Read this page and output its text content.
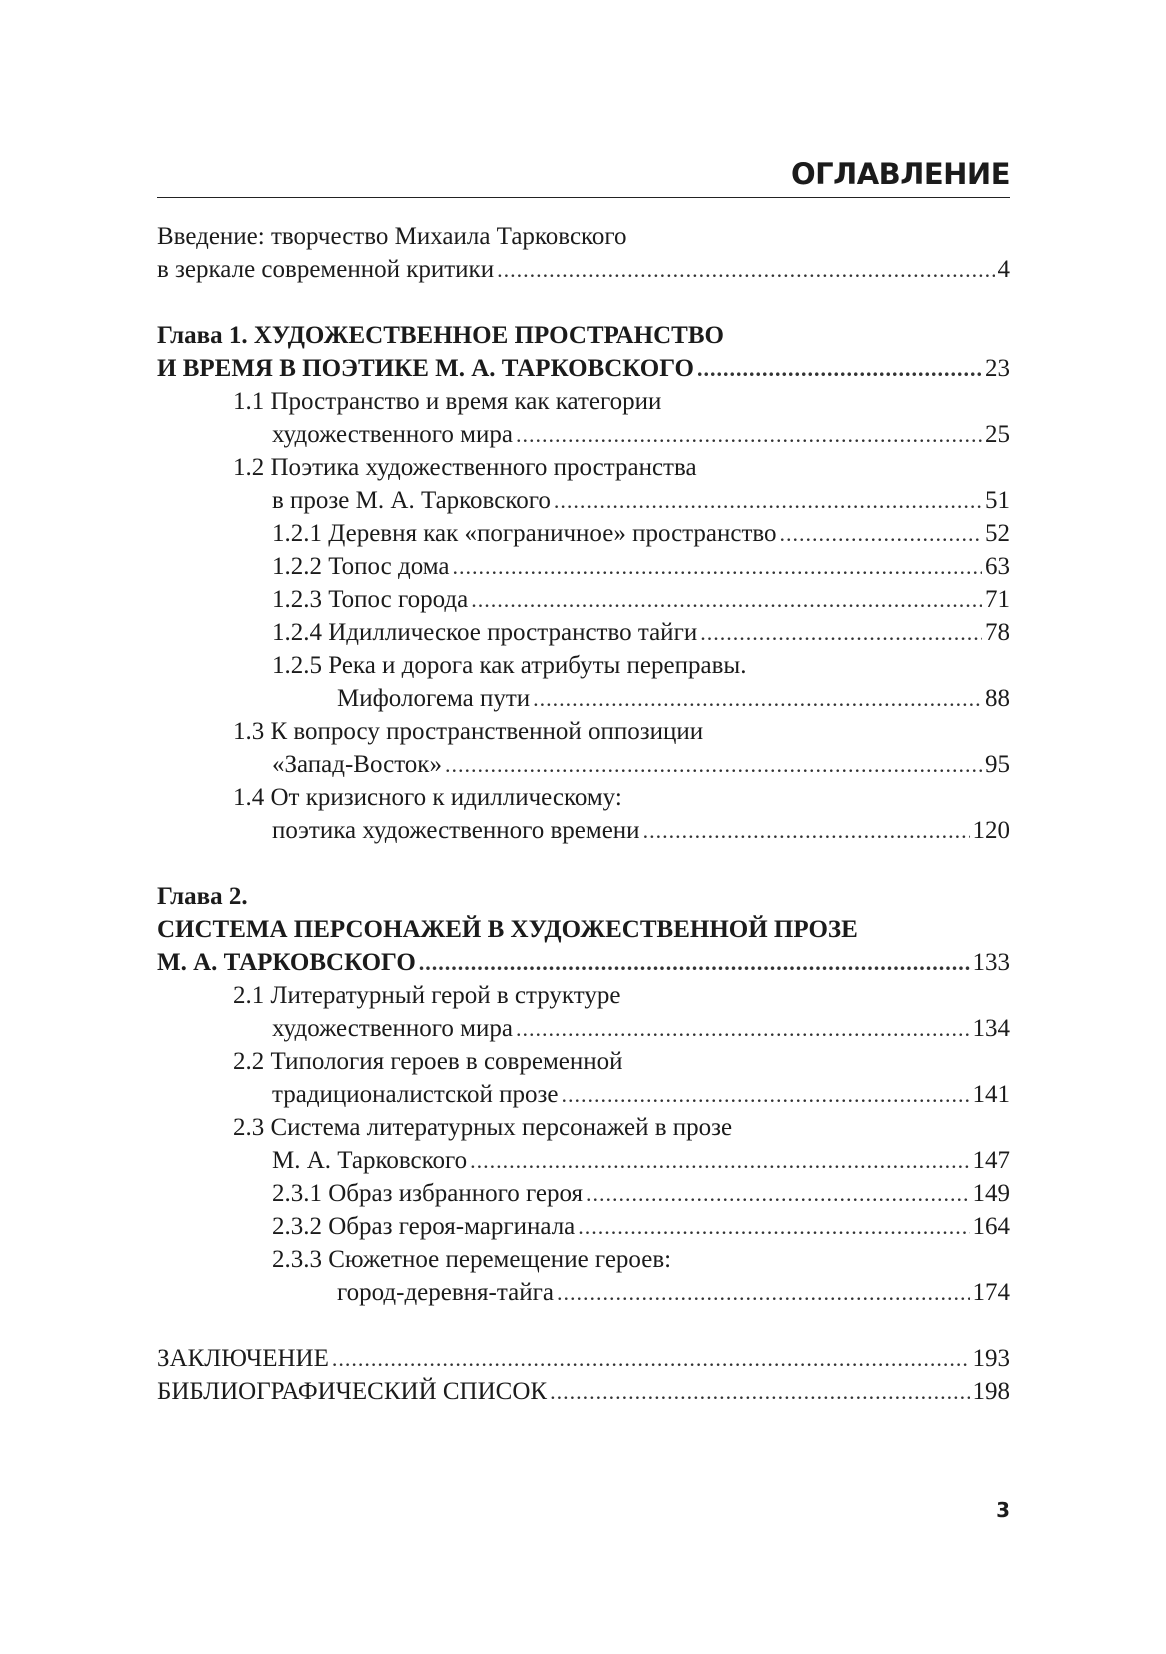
ОГЛАВЛЕНИЕ
Введение: творчество Михаила Тарковского
в зеркале современной критики .....	4
Глава 1. ХУДОЖЕСТВЕННОЕ ПРОСТРАНСТВО
И ВРЕМЯ В ПОЭТИКЕ М. А. ТАРКОВСКОГО .....	23
1.1 Пространство и время как категории
художественного мира .....	25
1.2 Поэтика художественного пространства
в прозе М. А. Тарковского .....	51
1.2.1 Деревня как «пограничное» пространство .....	52
1.2.2 Топос дома .....	63
1.2.3 Топос города .....	71
1.2.4 Идиллическое пространство тайги .....	78
1.2.5 Река и дорога как атрибуты переправы.
Мифологема пути .....	88
1.3 К вопросу пространственной оппозиции
«Запад-Восток» .....	95
1.4 От кризисного к идиллическому:
поэтика художественного времени .....	120
Глава 2.
СИСТЕМА ПЕРСОНАЖЕЙ В ХУДОЖЕСТВЕННОЙ ПРОЗЕ
М. А. ТАРКОВСКОГО .....	133
2.1 Литературный герой в структуре
художественного мира .....	134
2.2 Типология героев в современной
традиционалистской прозе .....	141
2.3 Система литературных персонажей в прозе
М. А. Тарковского .....	147
2.3.1 Образ избранного героя .....	149
2.3.2 Образ героя-маргинала .....	164
2.3.3 Сюжетное перемещение героев:
город-деревня-тайга .....	174
ЗАКЛЮЧЕНИЕ .....	193
БИБЛИОГРАФИЧЕСКИЙ СПИСОК .....	198
3
